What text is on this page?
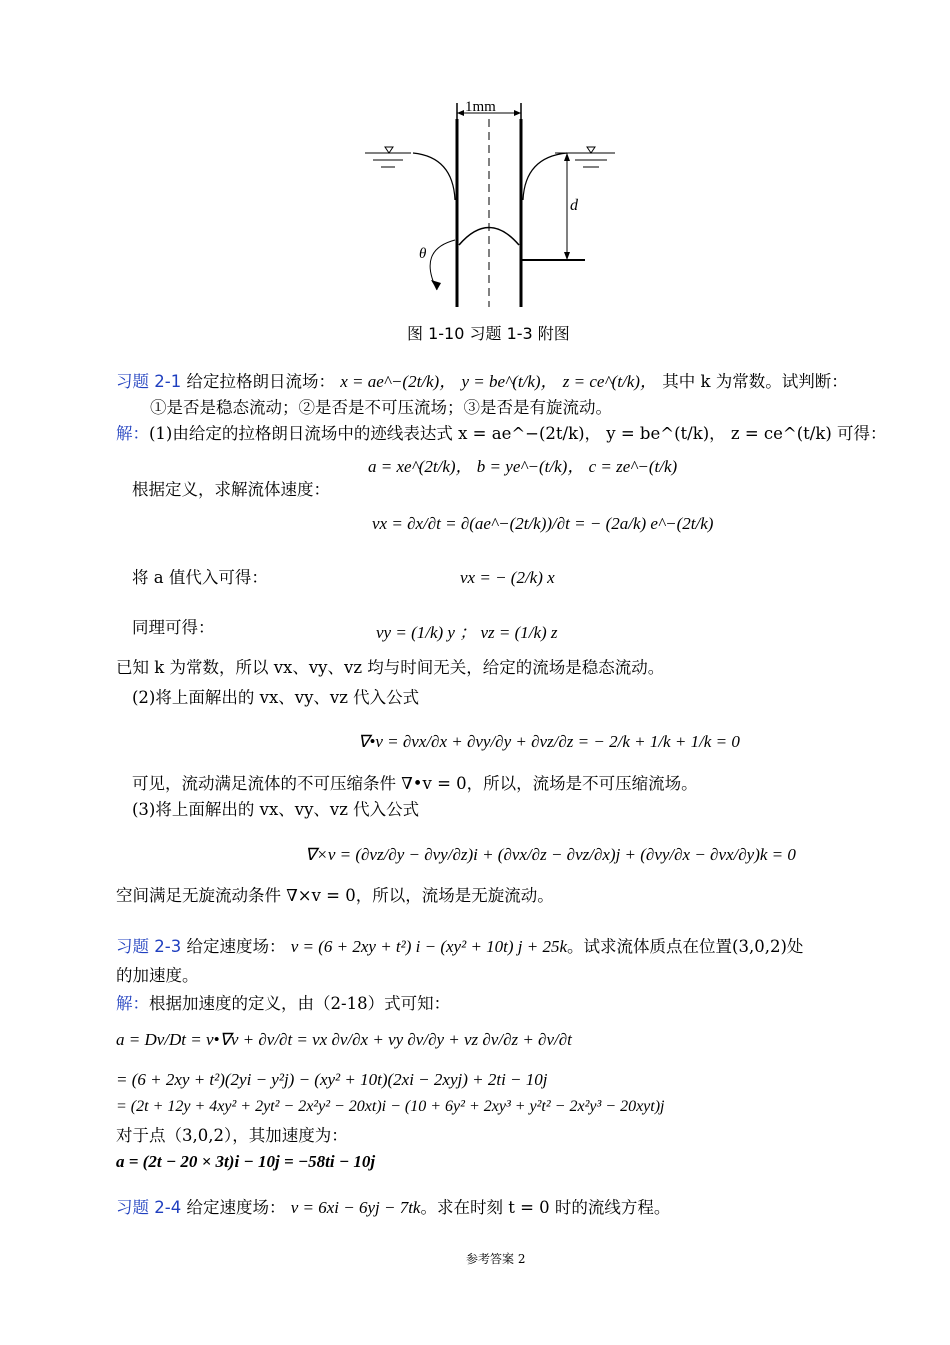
1mm
d
θ
图 1-10 习题 1-3 附图
习题 2-1 给定拉格朗日流场： x = ae^−(2t/k)， y = be^(t/k)， z = ce^(t/k)， 其中 k 为常数。试判断：
①是否是稳态流动；②是否是不可压流场；③是否是有旋流动。
解：(1)由给定的拉格朗日流场中的迹线表达式 x = ae^−(2t/k)， y = be^(t/k)， z = ce^(t/k) 可得：
a = xe^(2t/k)， b = ye^−(t/k)， c = ze^−(t/k)
根据定义，求解流体速度：
vx = ∂x/∂t = ∂(ae^−(2t/k))/∂t = − (2a/k) e^−(2t/k)
将 a 值代入可得：	vx = − (2/k) x
同理可得：	vy = (1/k) y ； vz = (1/k) z
已知 k 为常数，所以 vx、vy、vz 均与时间无关，给定的流场是稳态流动。
(2)将上面解出的 vx、vy、vz 代入公式
∇•v = ∂vx/∂x + ∂vy/∂y + ∂vz/∂z = − 2/k + 1/k + 1/k = 0
可见，流动满足流体的不可压缩条件 ∇•v = 0，所以，流场是不可压缩流场。
(3)将上面解出的 vx、vy、vz 代入公式
∇×v = (∂vz/∂y − ∂vy/∂z)i + (∂vx/∂z − ∂vz/∂x)j + (∂vy/∂x − ∂vx/∂y)k = 0
空间满足无旋流动条件 ∇×v = 0，所以，流场是无旋流动。
习题 2-3 给定速度场： v = (6 + 2xy + t²) i − (xy² + 10t) j + 25k。试求流体质点在位置(3,0,2)处
的加速度。
解：根据加速度的定义，由（2-18）式可知：
a = Dv/Dt = v•∇v + ∂v/∂t = vx ∂v/∂x + vy ∂v/∂y + vz ∂v/∂z + ∂v/∂t
= (6 + 2xy + t²)(2yi − y²j) − (xy² + 10t)(2xi − 2xyj) + 2ti − 10j
= (2t + 12y + 4xy² + 2yt² − 2x²y² − 20xt)i − (10 + 6y² + 2xy³ + y²t² − 2x²y³ − 20xyt)j
对于点（3,0,2），其加速度为：
a = (2t − 20 × 3t)i − 10j = −58ti − 10j
习题 2-4 给定速度场： v = 6xi − 6yj − 7tk。求在时刻 t = 0 时的流线方程。
参考答案 2
